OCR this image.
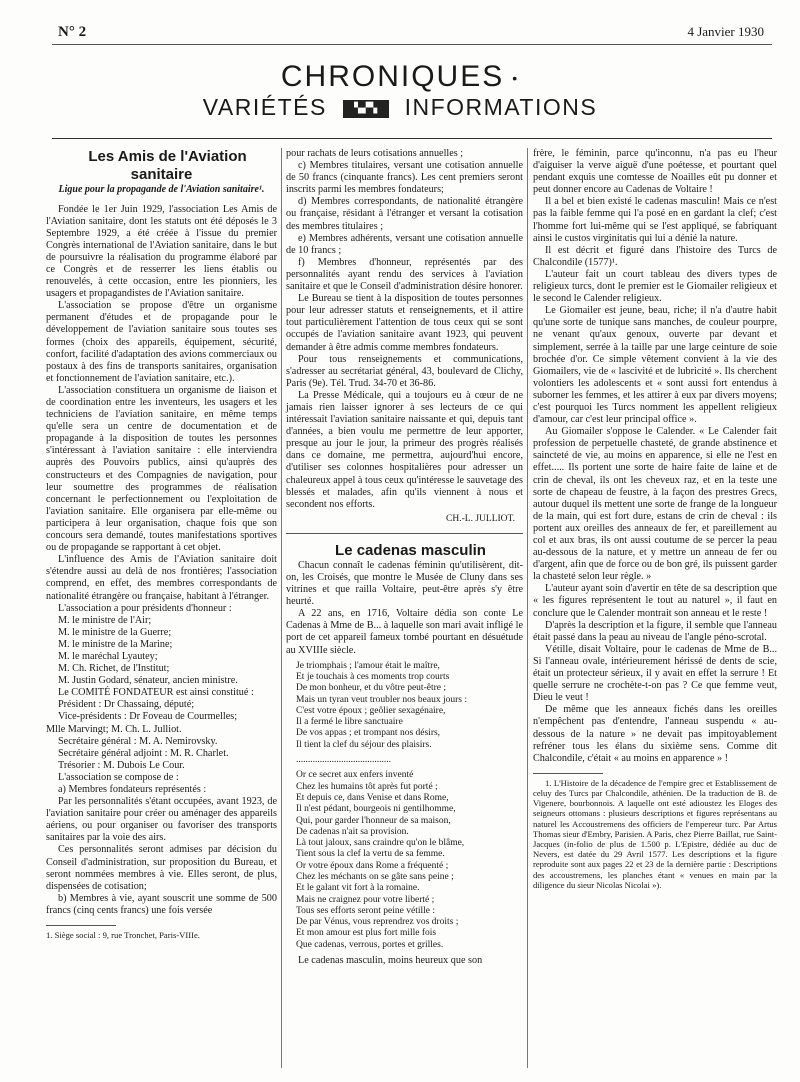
N° 2	4 Janvier 1930
CHRONIQUES •
VARIÉTÉS	▚▞▚ INFORMATIONS

Les Amis de l'Aviation sanitaire

Ligue pour la propagande de l'Aviation sanitaire¹.

Fondée le 1er Juin 1929, l'association Les Amis de l'Aviation sanitaire, dont les statuts ont été déposés le 3 Septembre 1929, a été créée à l'issue du premier Congrès international de l'Aviation sanitaire, dans le but de poursuivre la réalisation du programme élaboré par ce Congrès et de resserrer les liens établis ou renouvelés, à cette occasion, entre les pionniers, les usagers et propagandistes de l'Aviation sanitaire.

L'association se propose d'être un organisme permanent d'études et de propagande pour le développement de l'aviation sanitaire sous toutes ses formes (choix des appareils, équipement, sécurité, confort, facilité d'adaptation des avions commerciaux ou postaux à des fins de transports sanitaires, organisation et fonctionnement de l'aviation sanitaire, etc.).

L'association constituera un organisme de liaison et de coordination entre les inventeurs, les usagers et les techniciens de l'aviation sanitaire, en même temps qu'elle sera un centre de documentation et de propagande à la disposition de toutes les personnes s'intéressant à l'aviation sanitaire : elle interviendra auprès des Pouvoirs publics, ainsi qu'auprès des constructeurs et des Compagnies de navigation, pour leur soumettre des programmes de réalisation concernant le perfectionnement ou l'exploitation de l'aviation sanitaire. Elle organisera par elle-même ou participera à leur organisation, chaque fois que son concours sera demandé, toutes manifestations sportives ou de propagande se rapportant à cet objet.

L'influence des Amis de l'Aviation sanitaire doit s'étendre aussi au delà de nos frontières; l'association comprend, en effet, des membres correspondants de nationalité étrangère ou française, habitant à l'étranger.

L'association a pour présidents d'honneur :

M. le ministre de l'Air;

M. le ministre de la Guerre;

M. le ministre de la Marine;

M. le maréchal Lyautey;

M. Ch. Richet, de l'Institut;

M. Justin Godard, sénateur, ancien ministre.

Le COMITÉ FONDATEUR est ainsi constitué :

Président : Dr Chassaing, député;

Vice-présidents : Dr Foveau de Courmelles;

Mlle Marvingt; M. Ch. L. Julliot.

Secrétaire général : M. A. Nemirovsky.

Secrétaire général adjoint : M. R. Charlet.

Trésorier : M. Dubois Le Cour.

L'association se compose de :

a) Membres fondateurs représentés :

Par les personnalités s'étant occupées, avant 1923, de l'aviation sanitaire pour créer ou aménager des appareils aériens, ou pour organiser ou favoriser des transports sanitaires par la voie des airs.

Ces personnalités seront admises par décision du Conseil d'administration, sur proposition du Bureau, et seront nommées membres à vie. Elles seront, de plus, dispensées de cotisation;

b) Membres à vie, ayant souscrit une somme de 500 francs (cinq cents francs) une fois versée

1. Siège social : 9, rue Tronchet, Paris-VIIIe.

pour rachats de leurs cotisations annuelles ;

c) Membres titulaires, versant une cotisation annuelle de 50 francs (cinquante francs). Les cent premiers seront inscrits parmi les membres fondateurs;

d) Membres correspondants, de nationalité étrangère ou française, résidant à l'étranger et versant la cotisation des membres titulaires ;

e) Membres adhérents, versant une cotisation annuelle de 10 francs ;

f) Membres d'honneur, représentés par des personnalités ayant rendu des services à l'aviation sanitaire et que le Conseil d'administration désire honorer.

Le Bureau se tient à la disposition de toutes personnes pour leur adresser statuts et renseignements, et il attire tout particulièrement l'attention de tous ceux qui se sont occupés de l'aviation sanitaire avant 1923, qui peuvent demander à être admis comme membres fondateurs.

Pour tous renseignements et communications, s'adresser au secrétariat général, 43, boulevard de Clichy, Paris (9e). Tél. Trud. 34-70 et 36-86.

La Presse Médicale, qui a toujours eu à cœur de ne jamais rien laisser ignorer à ses lecteurs de ce qui intéressait l'aviation sanitaire naissante et qui, depuis tant d'années, a bien voulu me permettre de leur apporter, presque au jour le jour, la primeur des progrès réalisés dans ce domaine, me permettra, aujourd'hui encore, d'utiliser ses colonnes hospitalières pour adresser un chaleureux appel à tous ceux qu'intéresse le sauvetage des blessés et malades, afin qu'ils viennent à nous et secondent nos efforts.

CH.-L. JULLIOT.

Le cadenas masculin

Chacun connaît le cadenas féminin qu'utilisèrent, dit-on, les Croisés, que montre le Musée de Cluny dans ses vitrines et que railla Voltaire, peut-être après s'y être heurté.

A 22 ans, en 1716, Voltaire dédia son conte Le Cadenas à Mme de B... à laquelle son mari avait infligé le port de cet appareil fameux tombé pourtant en désuétude au XVIIIe siècle.

Je triomphais ; l'amour était le maître,
Et je touchais à ces moments trop courts
De mon bonheur, et du vôtre peut-être ;
Mais un tyran veut troubler nos beaux jours :
C'est votre époux ; geôlier sexagénaire,
Il a fermé le libre sanctuaire
De vos appas ; et trompant nos désirs,
Il tient la clef du séjour des plaisirs.
........................................
Or ce secret aux enfers inventé
Chez les humains tôt après fut porté ;
Et depuis ce, dans Venise et dans Rome,
Il n'est pédant, bourgeois ni gentilhomme,
Qui, pour garder l'honneur de sa maison,
De cadenas n'ait sa provision.
Là tout jaloux, sans craindre qu'on le blâme,
Tient sous la clef la vertu de sa femme.
Or votre époux dans Rome a fréquenté ;
Chez les méchants on se gâte sans peine ;
Et le galant vit fort à la romaine.
Mais ne craignez pour votre liberté ;
Tous ses efforts seront peine vétille :
De par Vénus, vous reprendrez vos droits ;
Et mon amour est plus fort mille fois
Que cadenas, verrous, portes et grilles.

Le cadenas masculin, moins heureux que son

frère, le féminin, parce qu'inconnu, n'a pas eu l'heur d'aiguiser la verve aiguë d'une poétesse, et pourtant quel pendant exquis une comtesse de Noailles eût pu donner et peut donner encore au Cadenas de Voltaire !

Il a bel et bien existé le cadenas masculin! Mais ce n'est pas la faible femme qui l'a posé en en gardant la clef; c'est l'homme fort lui-même qui se l'est appliqué, se fabriquant ainsi le custos virginitatis qui lui a dénié la nature.

Il est décrit et figuré dans l'histoire des Turcs de Chalcondile (1577)¹.

L'auteur fait un court tableau des divers types de religieux turcs, dont le premier est le Giomailer religieux et le second le Calender religieux.

Le Giomailer est jeune, beau, riche; il n'a d'autre habit qu'une sorte de tunique sans manches, de couleur pourpre, ne venant qu'aux genoux, ouverte par devant et simplement, serrée à la taille par une large ceinture de soie brochée d'or. Ce simple vêtement convient à la vie des Giomailers, vie de « lascivité et de lubricité ». Ils cherchent volontiers les adolescents et « sont aussi fort entendus à suborner les femmes, et les attirer à eux par divers moyens; c'est pourquoi les Turcs nomment les appellent religieux d'amour, car c'est leur principal office ».

Au Giomailer s'oppose le Calender. « Le Calender fait profession de perpetuelle chasteté, de grande abstinence et saincteté de vie, au moins en apparence, si elle ne l'est en effet..... Ils portent une sorte de haire faite de laine et de crin de cheval, ils ont les cheveux raz, et en la teste une sorte de chapeau de feustre, à la façon des prestres Grecs, autour duquel ils mettent une sorte de frange de la longueur de la main, qui est fort dure, estans de crin de cheval : ils portent aux oreilles des anneaux de fer, et pareillement au col et aux bras, ils ont aussi coutume de se percer la peau au-dessous de la nature, et y mettre un anneau de fer ou d'argent, afin que de force ou de bon gré, ils puissent garder la chasteté selon leur règle. »

L'auteur ayant soin d'avertir en tête de sa description que « les figures représentent le tout au naturel », il faut en conclure que le Calender montrait son anneau et le reste !

D'après la description et la figure, il semble que l'anneau était passé dans la peau au niveau de l'angle péno-scrotal.

Vétille, disait Voltaire, pour le cadenas de Mme de B... Si l'anneau ovale, intérieurement hérissé de dents de scie, était un protecteur sérieux, il y avait en effet la serrure ! Et quelle serrure ne crochète-t-on pas ? Ce que femme veut, Dieu le veut !

De même que les anneaux fichés dans les oreilles n'empêchent pas d'entendre, l'anneau suspendu « au-dessous de la nature » ne devait pas impitoyablement refréner tous les élans du sixième sens. Comme dit Chalcondile, c'était « au moins en apparence » !

1. L'Histoire de la décadence de l'empire grec et Establissement de celuy des Turcs par Chalcondile, athénien. De la traduction de B. de Vigenere, bourbonnois. A laquelle ont esté adioustez les Eloges des seigneurs ottomans : plusieurs descriptions et figures représentans au naturel les Accoustremens des officiers de l'empereur turc. Par Artus Thomas sieur d'Embry, Parisien. A Paris, chez Pierre Baillat, rue Saint-Jacques (in-folio de plus de 1.500 p. L'Epistre, dédiée au duc de Nevers, est datée du 29 Avril 1577. Les descriptions et la figure reproduite sont aux pages 22 et 23 de la dernière partie : Descriptions des accoustremens, les planches étant « venues en main par la diligence du sieur Nicolas Nicolai »).
